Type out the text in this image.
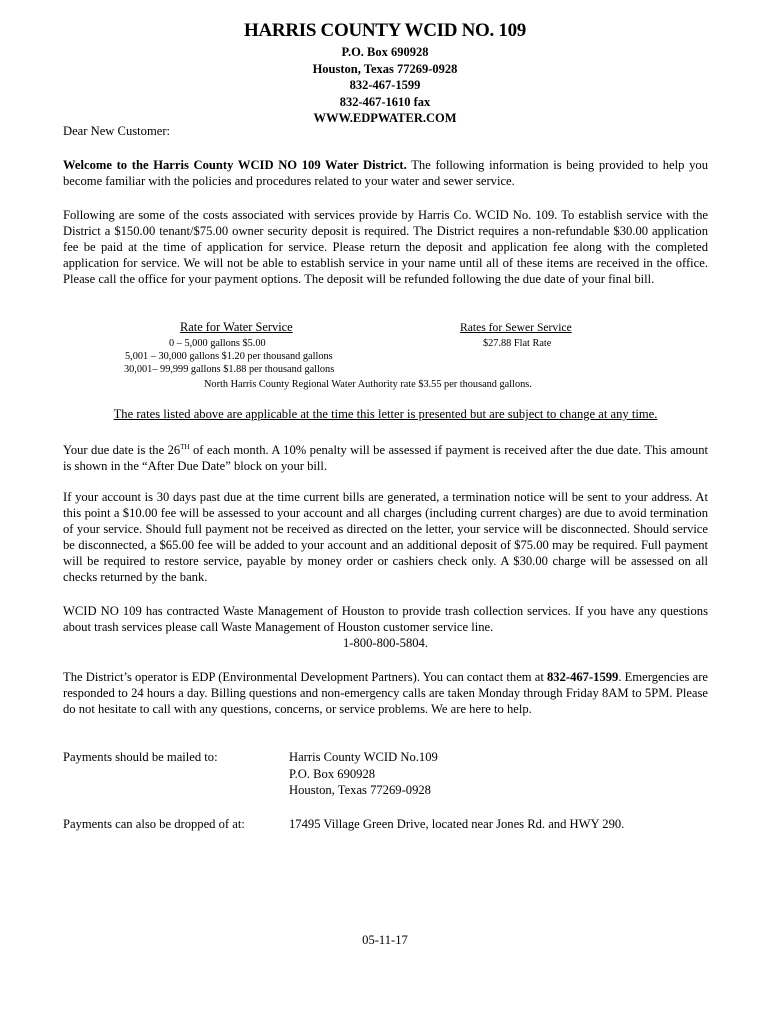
HARRIS COUNTY WCID NO. 109
P.O. Box 690928
Houston, Texas 77269-0928
832-467-1599
832-467-1610 fax
WWW.EDPWATER.COM
Dear New Customer:
Welcome to the Harris County WCID NO 109 Water District. The following information is being provided to help you become familiar with the policies and procedures related to your water and sewer service.
Following are some of the costs associated with services provide by Harris Co. WCID No. 109. To establish service with the District a $150.00 tenant/$75.00 owner security deposit is required. The District requires a non-refundable $30.00 application fee be paid at the time of application for service. Please return the deposit and application fee along with the completed application for service. We will not be able to establish service in your name until all of these items are received in the office. Please call the office for your payment options. The deposit will be refunded following the due date of your final bill.
Rate for Water Service
0 – 5,000 gallons $5.00
5,001 – 30,000 gallons $1.20 per thousand gallons
30,001– 99,999 gallons $1.88 per thousand gallons
Rates for Sewer Service
$27.88 Flat Rate
North Harris County Regional Water Authority rate $3.55 per thousand gallons.
The rates listed above are applicable at the time this letter is presented but are subject to change at any time.
Your due date is the 26TH of each month. A 10% penalty will be assessed if payment is received after the due date. This amount is shown in the “After Due Date” block on your bill.
If your account is 30 days past due at the time current bills are generated, a termination notice will be sent to your address. At this point a $10.00 fee will be assessed to your account and all charges (including current charges) are due to avoid termination of your service. Should full payment not be received as directed on the letter, your service will be disconnected. Should service be disconnected, a $65.00 fee will be added to your account and an additional deposit of $75.00 may be required. Full payment will be required to restore service, payable by money order or cashiers check only. A $30.00 charge will be assessed on all checks returned by the bank.
WCID NO 109 has contracted Waste Management of Houston to provide trash collection services. If you have any questions about trash services please call Waste Management of Houston customer service line.
1-800-800-5804.
The District’s operator is EDP (Environmental Development Partners). You can contact them at 832-467-1599. Emergencies are responded to 24 hours a day. Billing questions and non-emergency calls are taken Monday through Friday 8AM to 5PM. Please do not hesitate to call with any questions, concerns, or service problems. We are here to help.
Payments should be mailed to:	Harris County WCID No.109
P.O. Box 690928
Houston, Texas 77269-0928
Payments can also be dropped of at:	17495 Village Green Drive, located near Jones Rd. and HWY 290.
05-11-17
